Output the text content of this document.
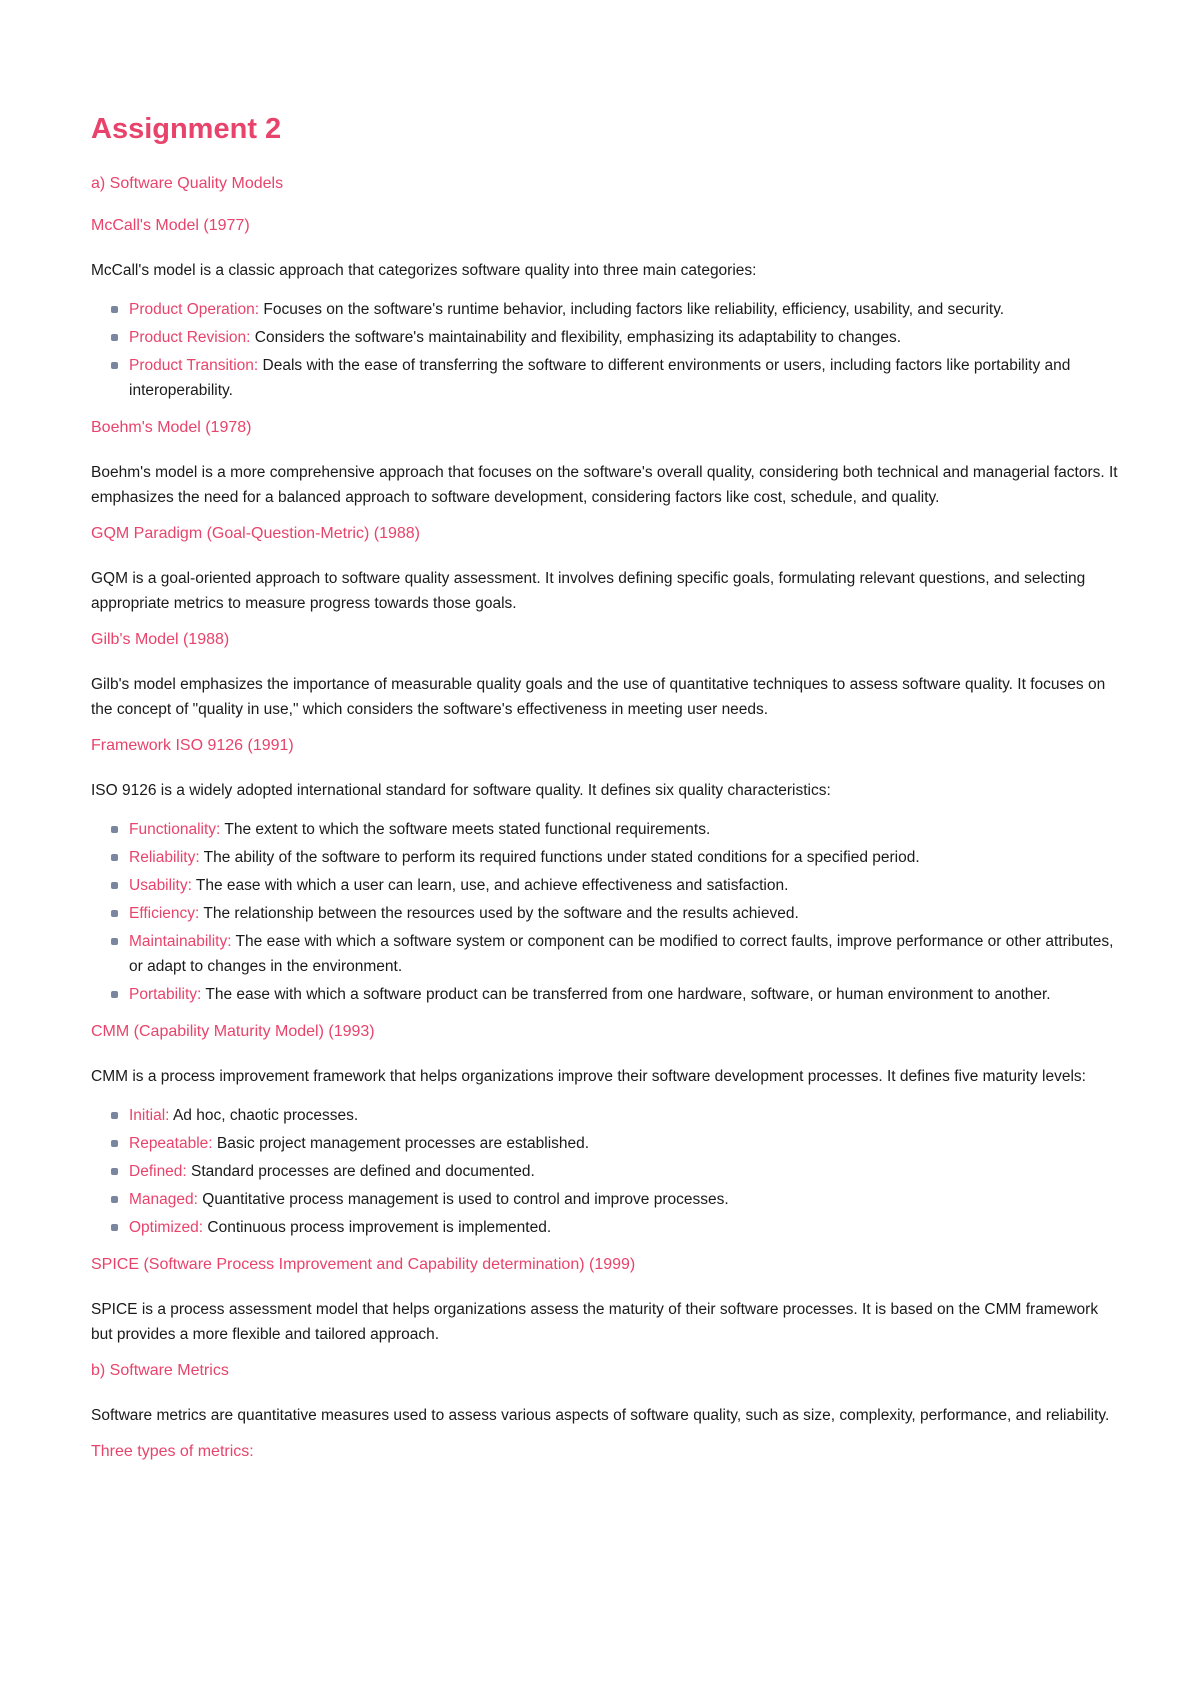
Assignment 2
a) Software Quality Models
McCall's Model (1977)

McCall's model is a classic approach that categorizes software quality into three main categories:

Product Operation: Focuses on the software's runtime behavior, including factors like reliability, efficiency, usability, and security.
Product Revision: Considers the software's maintainability and flexibility, emphasizing its adaptability to changes.
Product Transition: Deals with the ease of transferring the software to different environments or users, including factors like portability and interoperability.
Boehm's Model (1978)

Boehm's model is a more comprehensive approach that focuses on the software's overall quality, considering both technical and managerial factors. It emphasizes the need for a balanced approach to software development, considering factors like cost, schedule, and quality.

GQM Paradigm (Goal-Question-Metric) (1988)

GQM is a goal-oriented approach to software quality assessment. It involves defining specific goals, formulating relevant questions, and selecting appropriate metrics to measure progress towards those goals.

Gilb's Model (1988)

Gilb's model emphasizes the importance of measurable quality goals and the use of quantitative techniques to assess software quality. It focuses on the concept of "quality in use," which considers the software's effectiveness in meeting user needs.

Framework ISO 9126 (1991)

ISO 9126 is a widely adopted international standard for software quality. It defines six quality characteristics:

Functionality: The extent to which the software meets stated functional requirements.
Reliability: The ability of the software to perform its required functions under stated conditions for a specified period.
Usability: The ease with which a user can learn, use, and achieve effectiveness and satisfaction.
Efficiency: The relationship between the resources used by the software and the results achieved.
Maintainability: The ease with which a software system or component can be modified to correct faults, improve performance or other attributes, or adapt to changes in the environment.
Portability: The ease with which a software product can be transferred from one hardware, software, or human environment to another.
CMM (Capability Maturity Model) (1993)

CMM is a process improvement framework that helps organizations improve their software development processes. It defines five maturity levels:

Initial: Ad hoc, chaotic processes.
Repeatable: Basic project management processes are established.
Defined: Standard processes are defined and documented.
Managed: Quantitative process management is used to control and improve processes.
Optimized: Continuous process improvement is implemented.
SPICE (Software Process Improvement and Capability determination) (1999)

SPICE is a process assessment model that helps organizations assess the maturity of their software processes. It is based on the CMM framework but provides a more flexible and tailored approach.

b) Software Metrics

Software metrics are quantitative measures used to assess various aspects of software quality, such as size, complexity, performance, and reliability.

Three types of metrics:
